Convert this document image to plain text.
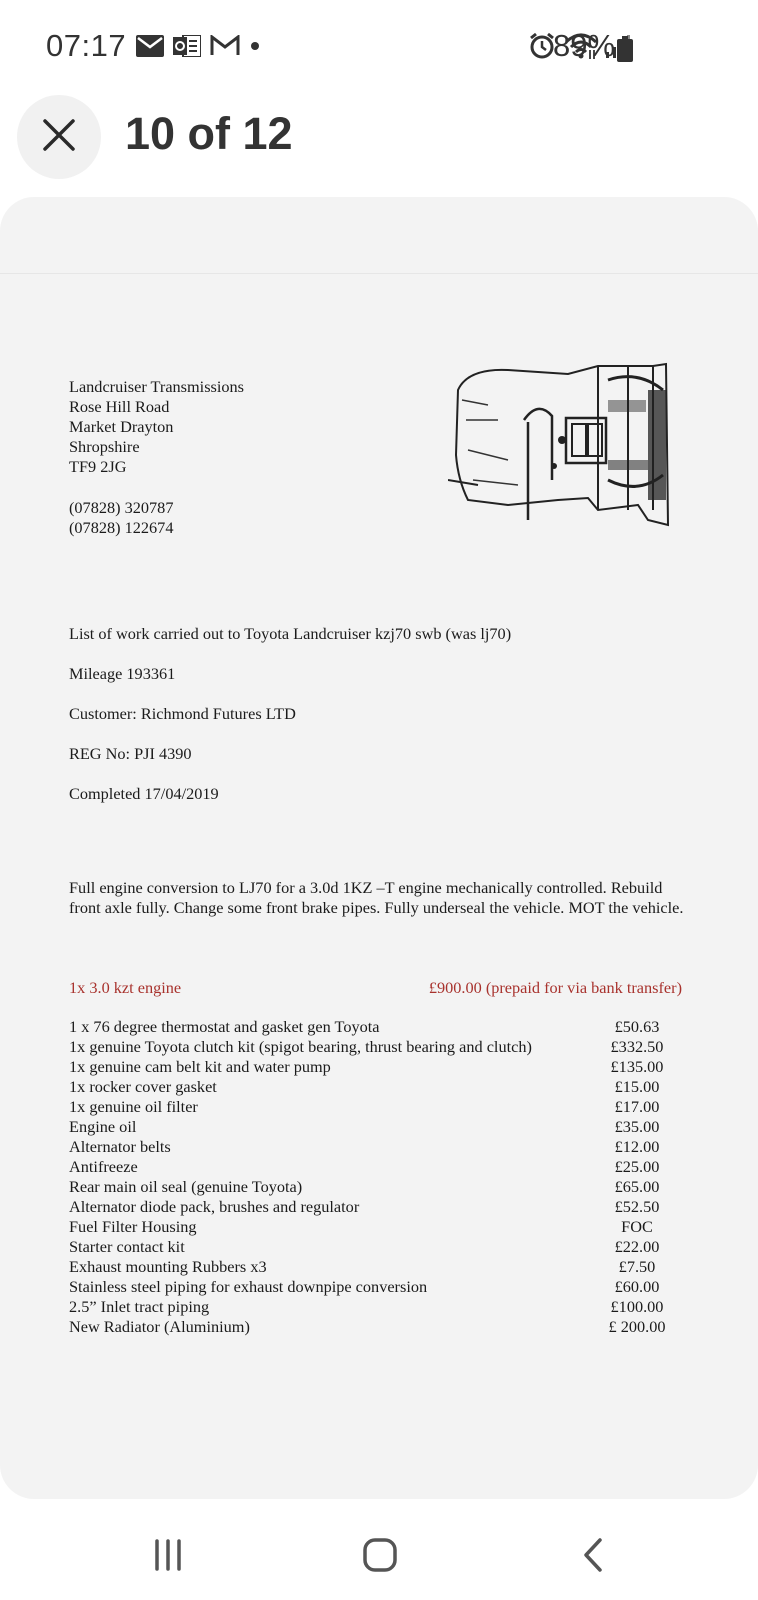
07:17	89%
10 of 12
Landcruiser Transmissions
Rose Hill Road
Market Drayton
Shropshire
TF9 2JG
(07828) 320787
(07828) 122674
List of work carried out to Toyota Landcruiser kzj70 swb (was lj70)
Mileage 193361
Customer: Richmond Futures LTD
REG No: PJI 4390
Completed 17/04/2019
Full engine conversion to LJ70 for a 3.0d 1KZ –T engine mechanically controlled. Rebuild front axle fully. Change some front brake pipes. Fully underseal the vehicle. MOT the vehicle.
1x 3.0 kzt engine	£900.00 (prepaid for via bank transfer)
1 x 76 degree thermostat and gasket gen Toyota	£50.63
1x genuine Toyota clutch kit (spigot bearing, thrust bearing and clutch)	£332.50
1x genuine cam belt kit and water pump	£135.00
1x rocker cover gasket	£15.00
1x genuine oil filter	£17.00
Engine oil	£35.00
Alternator belts	£12.00
Antifreeze	£25.00
Rear main oil seal (genuine Toyota)	£65.00
Alternator diode pack, brushes and regulator	£52.50
Fuel Filter Housing	FOC
Starter contact kit	£22.00
Exhaust mounting Rubbers x3	£7.50
Stainless steel piping for exhaust downpipe conversion	£60.00
2.5” Inlet tract piping	£100.00
New Radiator (Aluminium)	£ 200.00
